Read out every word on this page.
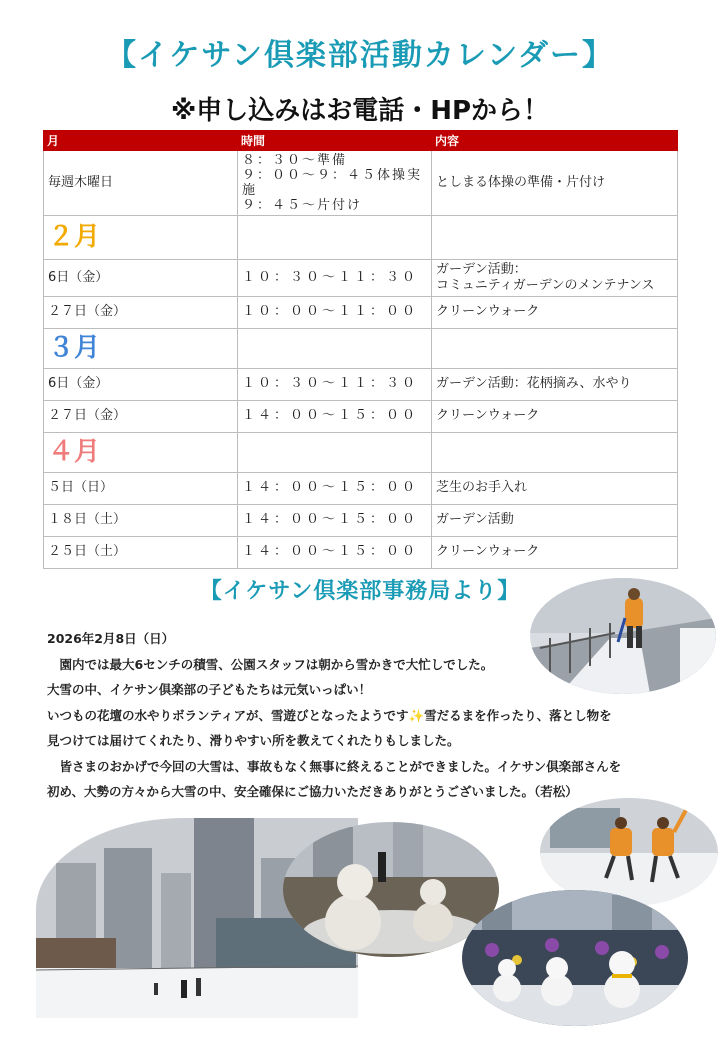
【イケサン倶楽部活動カレンダー】
※申し込みはお電話・HPから！
月	時間	内容
毎週木曜日	８：３０～準備
９：００～９：４５体操実施
９：４５～片付け	としまる体操の準備・片付け
２月		
6日（金）	１０：３０～１１：３０	ガーデン活動：
コミュニティガーデンのメンテナンス

２７日（金）	１０：００～１１：００	クリーンウォーク
３月		
6日（金）	１０：３０～１１：３０	ガーデン活動：花柄摘み、水やり
２７日（金）	１４：００～１５：００	クリーンウォーク
４月		
５日（日）	１４：００～１５：００	芝生のお手入れ
１８日（土）	１４：００～１５：００	ガーデン活動
２５日（土）	１４：００～１５：００	クリーンウォーク
【イケサン倶楽部事務局より】

2026年2月8日（日）

　園内では最大6センチの積雪、公園スタッフは朝から雪かきで大忙しでした。

大雪の中、イケサン倶楽部の子どもたちは元気いっぱい！

いつもの花壇の水やりボランティアが、雪遊びとなったようです✨雪だるまを作ったり、落とし物を

見つけては届けてくれたり、滑りやすい所を教えてくれたりもしました。

　皆さまのおかげで今回の大雪は、事故もなく無事に終えることができました。イケサン倶楽部さんを

初め、大勢の方々から大雪の中、安全確保にご協力いただきありがとうございました。（若松）
